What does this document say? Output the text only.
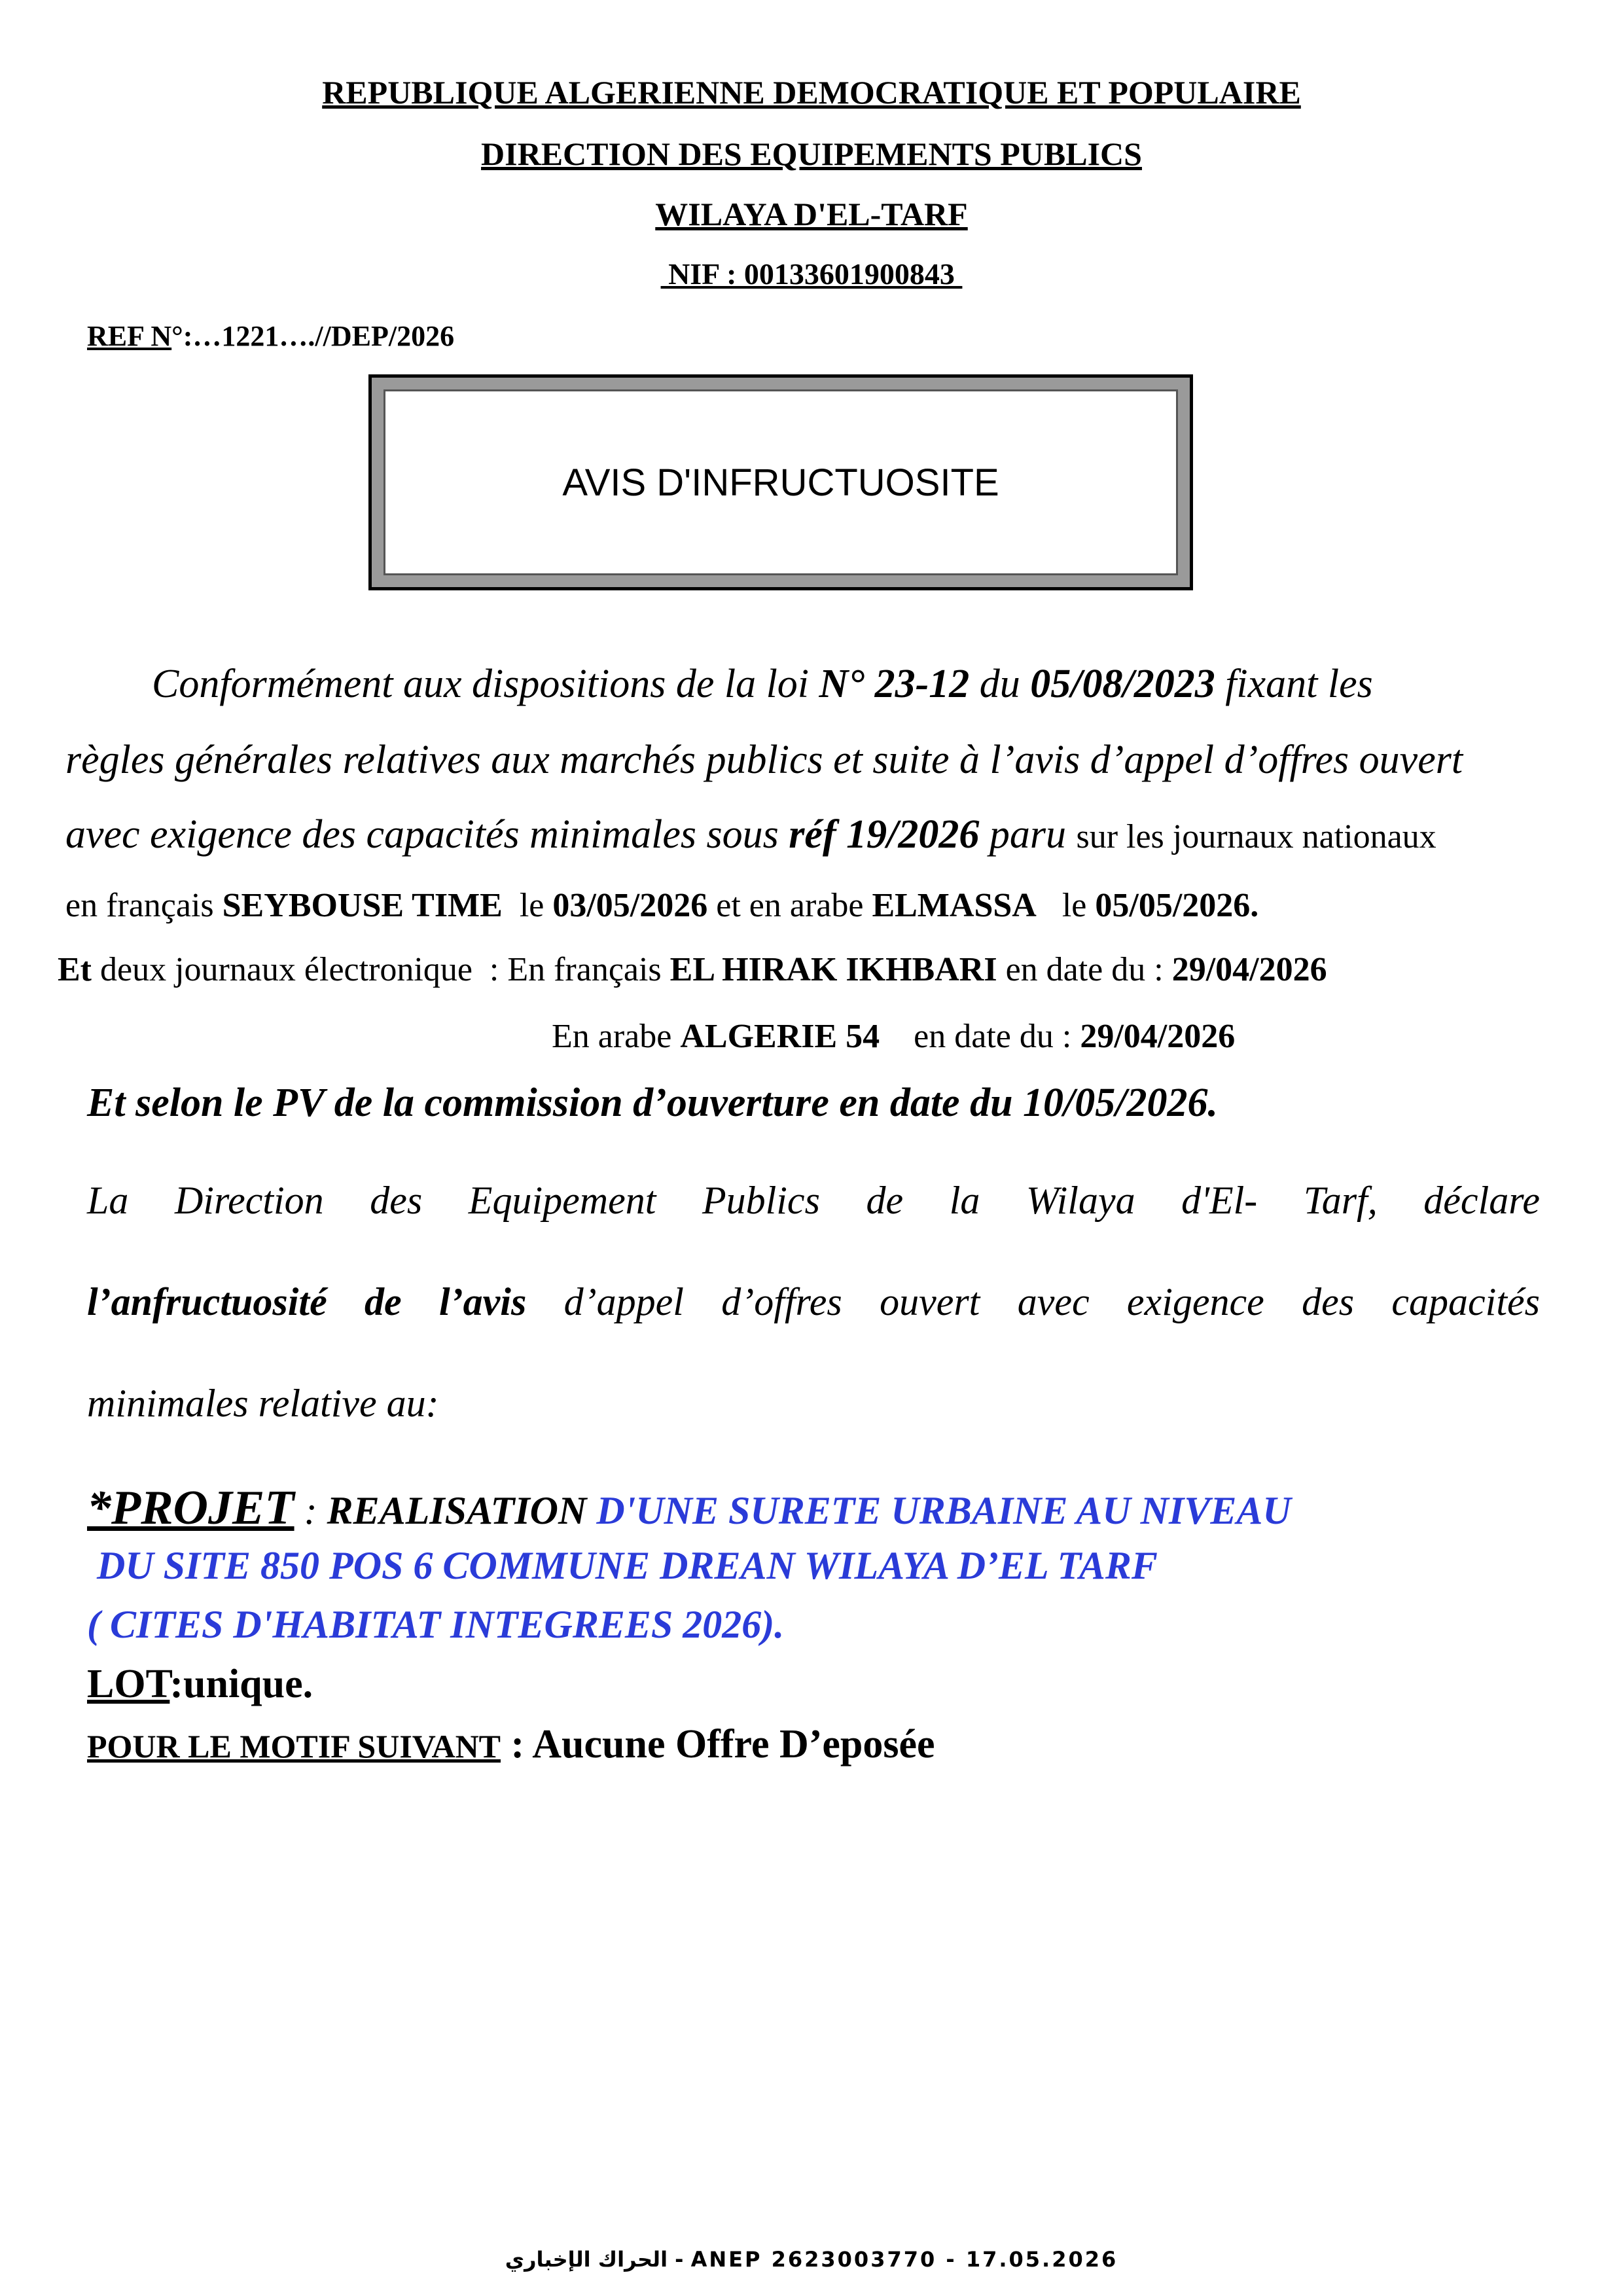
REPUBLIQUE ALGERIENNE DEMOCRATIQUE ET POPULAIRE
DIRECTION DES EQUIPEMENTS PUBLICS
WILAYA D'EL-TARF
NIF : 00133601900843
REF N°:…1221….//DEP/2026
AVIS D'INFRUCTUOSITE
Conformément aux dispositions de la loi N° 23-12 du 05/08/2023 fixant les
règles générales relatives aux marchés publics et suite à l’avis d’appel d’offres ouvert
avec exigence des capacités minimales sous réf 19/2026 paru sur les journaux nationaux
en français SEYBOUSE TIME  le 03/05/2026 et en arabe ELMASSA   le 05/05/2026.
Et deux journaux électronique  : En français EL HIRAK IKHBARI en date du : 29/04/2026
En arabe ALGERIE 54    en date du : 29/04/2026
Et selon le PV de la commission d’ouverture en date du 10/05/2026.
La Direction des Equipement Publics de la Wilaya d'El- Tarf, déclare
l’anfructuosité de l’avis d’appel d’offres ouvert avec exigence des capacités
minimales relative au:
*PROJET : REALISATION D'UNE SURETE URBAINE AU NIVEAU
DU SITE 850 POS 6 COMMUNE DREAN WILAYA D’EL TARF
( CITES D'HABITAT INTEGREES 2026).
LOT:unique.
POUR LE MOTIF SUIVANT : Aucune Offre D’eposée
الحراك الإخباري - ANEP 2623003770 - 17.05.2026
